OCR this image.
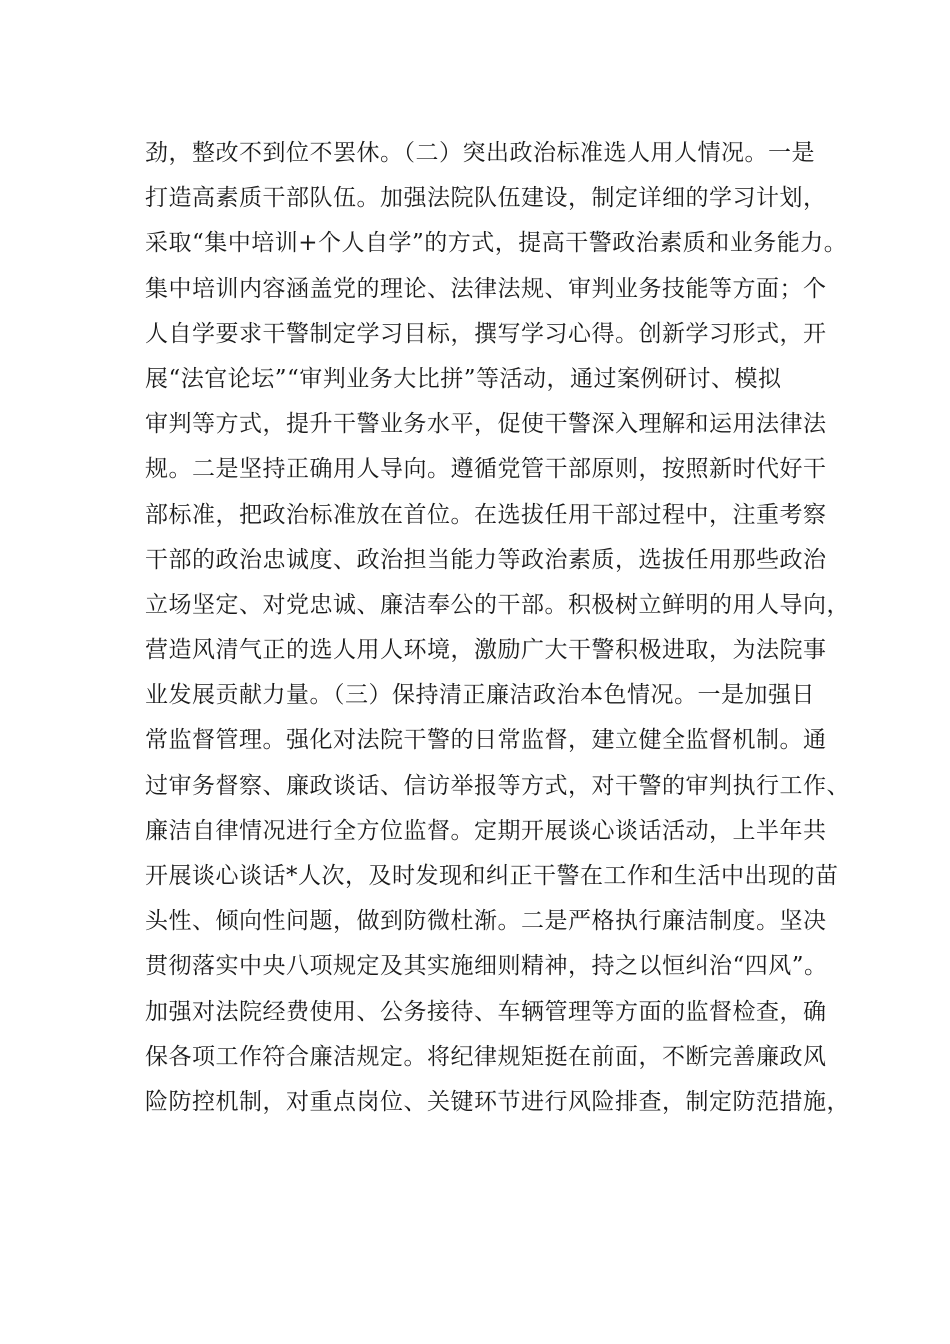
劲，整改不到位不罢休。（二）突出政治标准选人用人情况。一是
打造高素质干部队伍。加强法院队伍建设，制定详细的学习计划，
采取“集中培训+个人自学”的方式，提高干警政治素质和业务能力。
集中培训内容涵盖党的理论、法律法规、审判业务技能等方面；个
人自学要求干警制定学习目标，撰写学习心得。创新学习形式，开
展“法官论坛”“审判业务大比拼”等活动，通过案例研讨、模拟
审判等方式，提升干警业务水平，促使干警深入理解和运用法律法
规。二是坚持正确用人导向。遵循党管干部原则，按照新时代好干
部标准，把政治标准放在首位。在选拔任用干部过程中，注重考察
干部的政治忠诚度、政治担当能力等政治素质，选拔任用那些政治
立场坚定、对党忠诚、廉洁奉公的干部。积极树立鲜明的用人导向，
营造风清气正的选人用人环境，激励广大干警积极进取，为法院事
业发展贡献力量。（三）保持清正廉洁政治本色情况。一是加强日
常监督管理。强化对法院干警的日常监督，建立健全监督机制。通
过审务督察、廉政谈话、信访举报等方式，对干警的审判执行工作、
廉洁自律情况进行全方位监督。定期开展谈心谈话活动，上半年共
开展谈心谈话*人次，及时发现和纠正干警在工作和生活中出现的苗
头性、倾向性问题，做到防微杜渐。二是严格执行廉洁制度。坚决
贯彻落实中央八项规定及其实施细则精神，持之以恒纠治“四风”。
加强对法院经费使用、公务接待、车辆管理等方面的监督检查，确
保各项工作符合廉洁规定。将纪律规矩挺在前面，不断完善廉政风
险防控机制，对重点岗位、关键环节进行风险排查，制定防范措施，
